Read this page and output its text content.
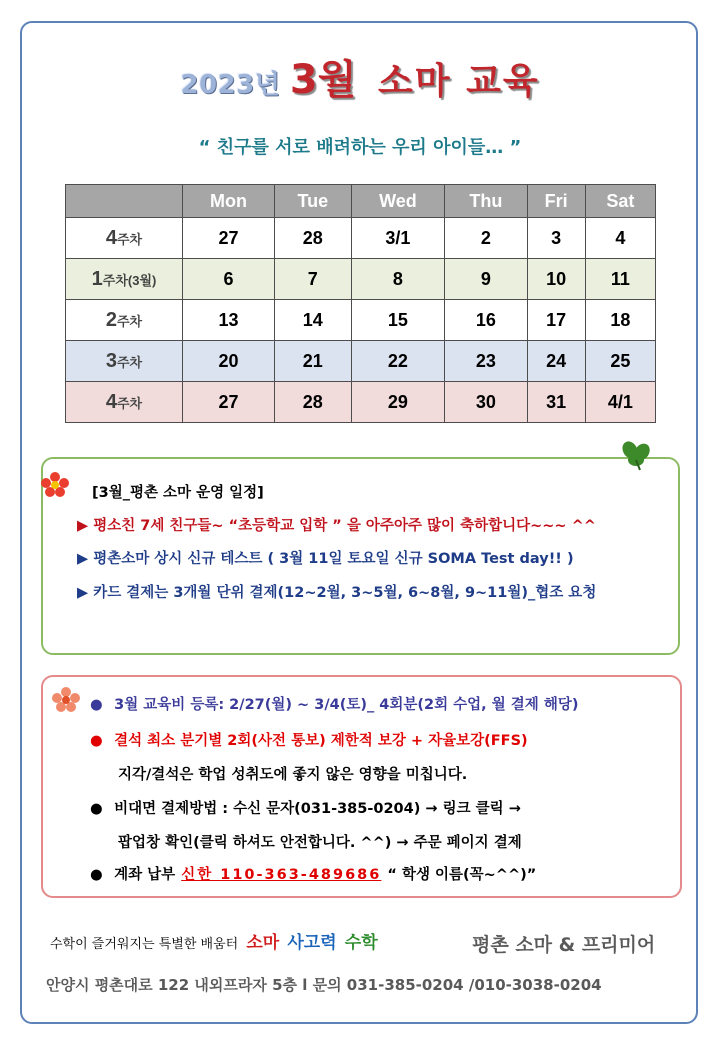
2023년 3월 소마 교육
“ 친구를 서로 배려하는 우리 아이들… ”
	Mon	Tue	Wed	Thu	Fri	Sat
4주차	27	28	3/1	2	3	4
1주차(3월)	6	7	8	9	10	11
2주차	13	14	15	16	17	18
3주차	20	21	22	23	24	25
4주차	27	28	29	30	31	4/1
[3월_평촌 소마 운영 일정]
▶ 평소친 7세 친구들~ “초등학교 입학 ” 을 아주아주 많이 축하합니다~~~ ^^
▶ 평촌소마 상시 신규 테스트 ( 3월 11일 토요일 신규 SOMA Test day!! )
▶ 카드 결제는 3개월 단위 결제(12~2월, 3~5월, 6~8월, 9~11월)_협조 요청
● 3월 교육비 등록: 2/27(월) ~ 3/4(토)_ 4회분(2회 수업, 월 결제 해당)
● 결석 최소 분기별 2회(사전 통보) 제한적 보강 + 자율보강(FFS)
지각/결석은 학업 성취도에 좋지 않은 영향을 미칩니다.
● 비대면 결제방법 : 수신 문자(031-385-0204) → 링크 클릭 →
팝업창 확인(클릭 하셔도 안전합니다. ^^) → 주문 페이지 결제
● 계좌 납부 신한 110-363-489686 “ 학생 이름(꼭~^^)”
수학이 즐거워지는 특별한 배움터 소마 사고력 수학	평촌 소마 & 프리미어
안양시 평촌대로 122 내외프라자 5층 l 문의 031-385-0204 /010-3038-0204
